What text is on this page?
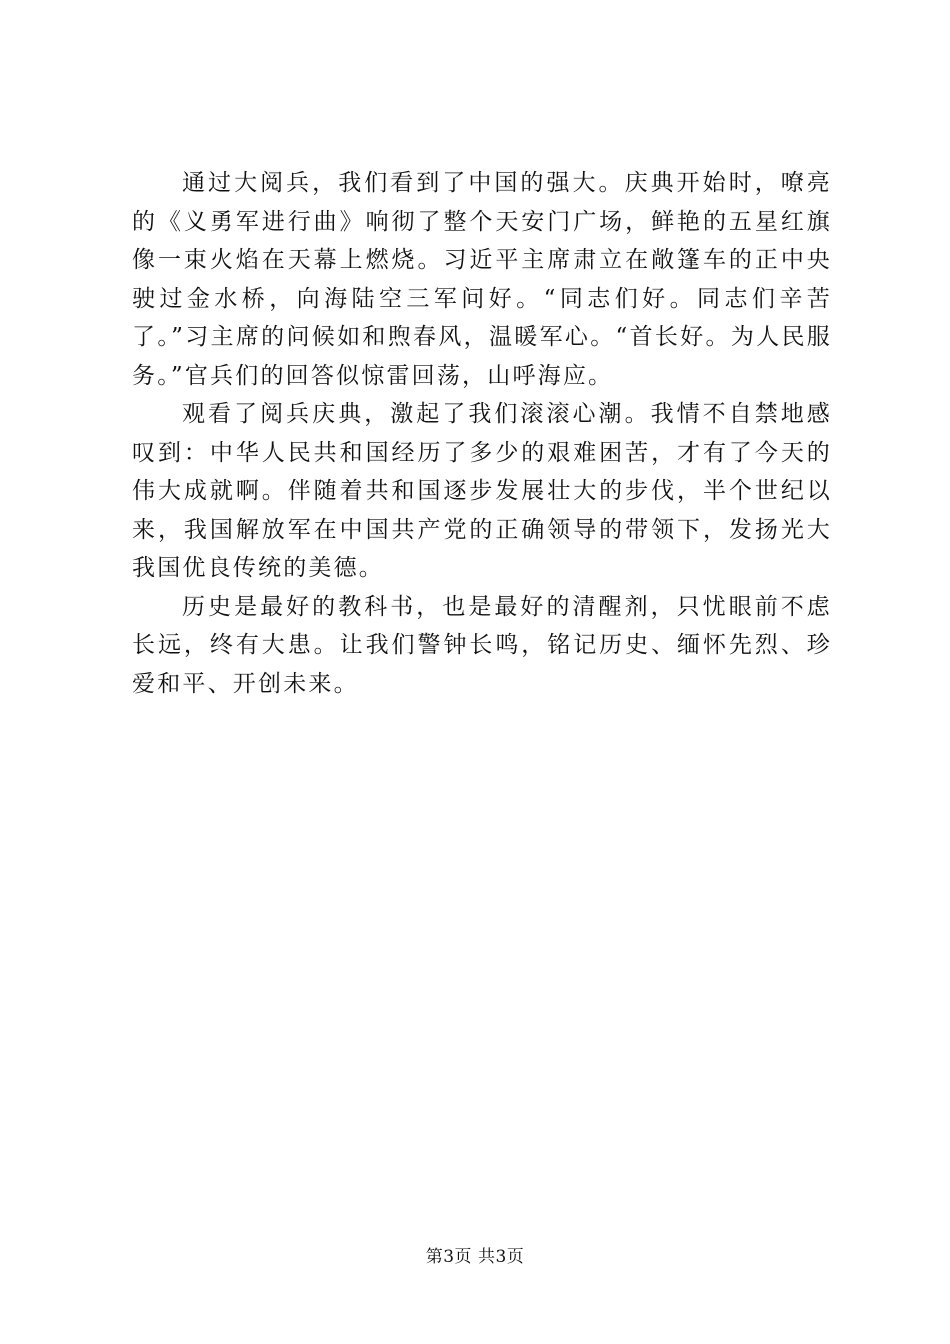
通过大阅兵，我们看到了中国的强大。庆典开始时，嘹亮的《义勇军进行曲》响彻了整个天安门广场，鲜艳的五星红旗像一束火焰在天幕上燃烧。习近平主席肃立在敞篷车的正中央驶过金水桥，向海陆空三军问好。“同志们好。同志们辛苦了。”习主席的问候如和煦春风，温暖军心。“首长好。为人民服务。”官兵们的回答似惊雷回荡，山呼海应。

观看了阅兵庆典，激起了我们滚滚心潮。我情不自禁地感叹到：中华人民共和国经历了多少的艰难困苦，才有了今天的伟大成就啊。伴随着共和国逐步发展壮大的步伐，半个世纪以来，我国解放军在中国共产党的正确领导的带领下，发扬光大我国优良传统的美德。

历史是最好的教科书，也是最好的清醒剂，只忧眼前不虑长远，终有大患。让我们警钟长鸣，铭记历史、缅怀先烈、珍爱和平、开创未来。

第3页 共3页
